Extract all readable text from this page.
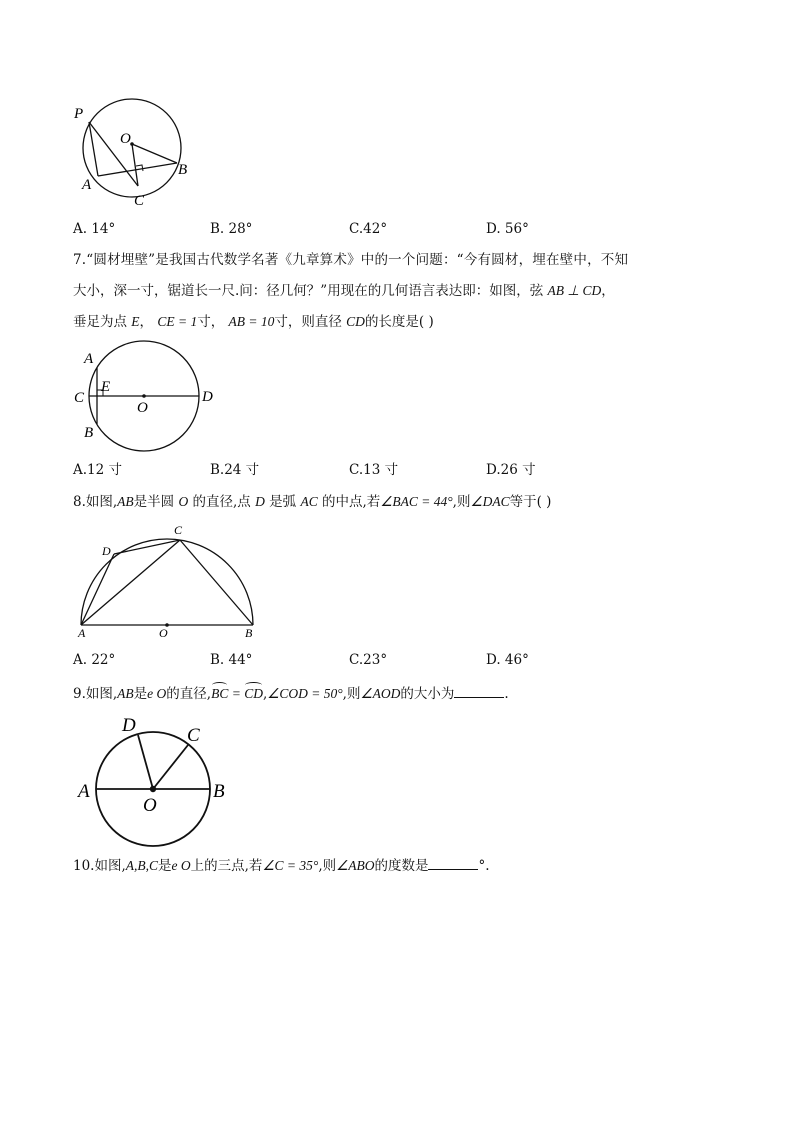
P
O
B
A
C
A. 14°	B. 28°	C.42°	D. 56°
7.“圆材埋壁”是我国古代数学名著《九章算术》中的一个问题：“今有圆材，埋在壁中，不知
大小，深一寸，锯道长一尺.问：径几何？”用现在的几何语言表达即：如图，弦 AB ⊥ CD，
垂足为点 E， CE = 1寸， AB = 10寸，则直径 CD的长度是( )
A
E
C
O
D
B
A.12 寸	B.24 寸	C.13 寸	D.26 寸
8.如图,AB是半圆 O 的直径,点 D 是弧 AC 的中点,若∠BAC = 44°,则∠DAC等于( )
C
D
A	O	B
A. 22°	B. 44°	C.23°	D. 46°
9.如图,AB是e O的直径,BC = CD,∠COD = 50°,则∠AOD的大小为	.
D	C
A
O
B
10.如图,A,B,C是e O上的三点,若∠C = 35°,则∠ABO的度数是	°.
